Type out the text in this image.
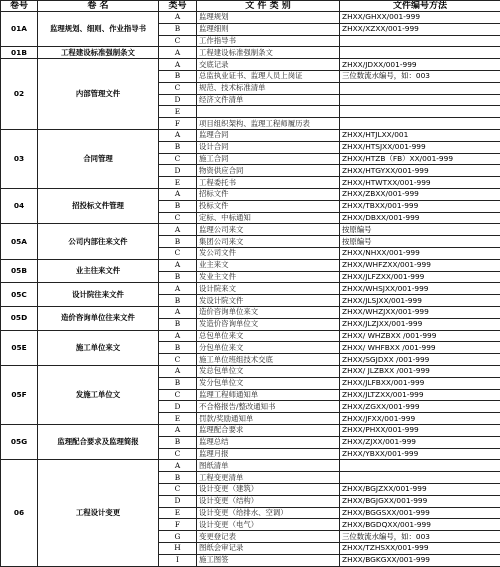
卷号	卷 名	类号	文 件 类 别	文件编号方法
01A	监理规划、细则、作业指导书	A	监理规划	ZHXX/GHXX/001-999
		B	监理细则	ZHXX/XZXX/001-999
		C	工作指导书	
01B	工程建设标准强制条文	A	工程建设标准强制条文	
02	内部管理文件	A	交底记录	ZHXX/JDXX/001-999
		B	总监执业证书、监理人员上岗证	三位数流水编号，如：003
		C	规范、技术标准清单	
		D	经济文件清单	
		E		
		F	项目组织架构、监理工程师履历表	
03	合同管理	A	监理合同	ZHXX/HTJLXX/001
		B	设计合同	ZHXX/HTSJXX/001-999
		C	施工合同	ZHXX/HTZB（FB）XX/001-999
		D	物资供应合同	ZHXX/HTGYXX/001-999
		E	工程委托书	ZHXX/HTWTXX/001-999
04	招投标文件管理	A	招标文件	ZHXX/ZBXX/001-999
		B	投标文件	ZHXX/TBXX/001-999
		C	定标、中标通知	ZHXX/DBXX/001-999
05A	公司内部往来文件	A	监理公司来文	按原编号
		B	集团公司来文	按原编号
		C	发公司文件	ZHXX/NHXX/001-999
05B	业主往来文件	A	业主来文	ZHXX/WHFZXX/001-999
		B	发业主文件	ZHXX/JLFZXX/001-999
05C	设计院往来文件	A	设计院来文	ZHXX/WHSJXX/001-999
		B	发设计院文件	ZHXX/JLSJXX/001-999
05D	造价咨询单位往来文件	A	造价咨询单位来文	ZHXX/WHZJXX/001-999
		B	发造价咨询单位文	ZHXX/JLZJXX/001-999
05E	施工单位来文	A	总包单位来文	ZHXX/ WHZBXX /001-999
		B	分包单位来文	ZHXX/ WHFBXX /001-999
		C	施工单位班组技术交底	ZHXX/SGJDXX /001-999
05F	发施工单位文	A	发总包单位文	ZHXX/ JLZBXX /001-999
		B	发分包单位文	ZHXX/JLFBXX/001-999
		C	监理工程师通知单	ZHXX/JLTZXX/001-999
		D	不合格报告/整改通知书	ZHXX/ZGXX/001-999
		E	罚款/奖励通知单	ZHXX/JFXX/001-999
05G	监理配合要求及监理简报	A	监理配合要求	ZHXX/PHXX/001-999
		B	监理总结	ZHXX/ZJXX/001-999
		C	监理月报	ZHXX/YBXX/001-999
06	工程设计变更	A	图纸清单	
		B	工程变更清单	
		C	设计变更（建筑）	ZHXX/BGJZXX/001-999
		D	设计变更（结构）	ZHXX/BGJGXX/001-999
		E	设计变更（给排水、空调）	ZHXX/BGGSXX/001-999
		F	设计变更（电气）	ZHXX/BGDQXX/001-999
		G	变更登记表	三位数流水编号，如：003
		H	图纸会审记录	ZHXX/TZHSXX/001-999
		I	施工图签	ZHXX/BGKGXX/001-999
